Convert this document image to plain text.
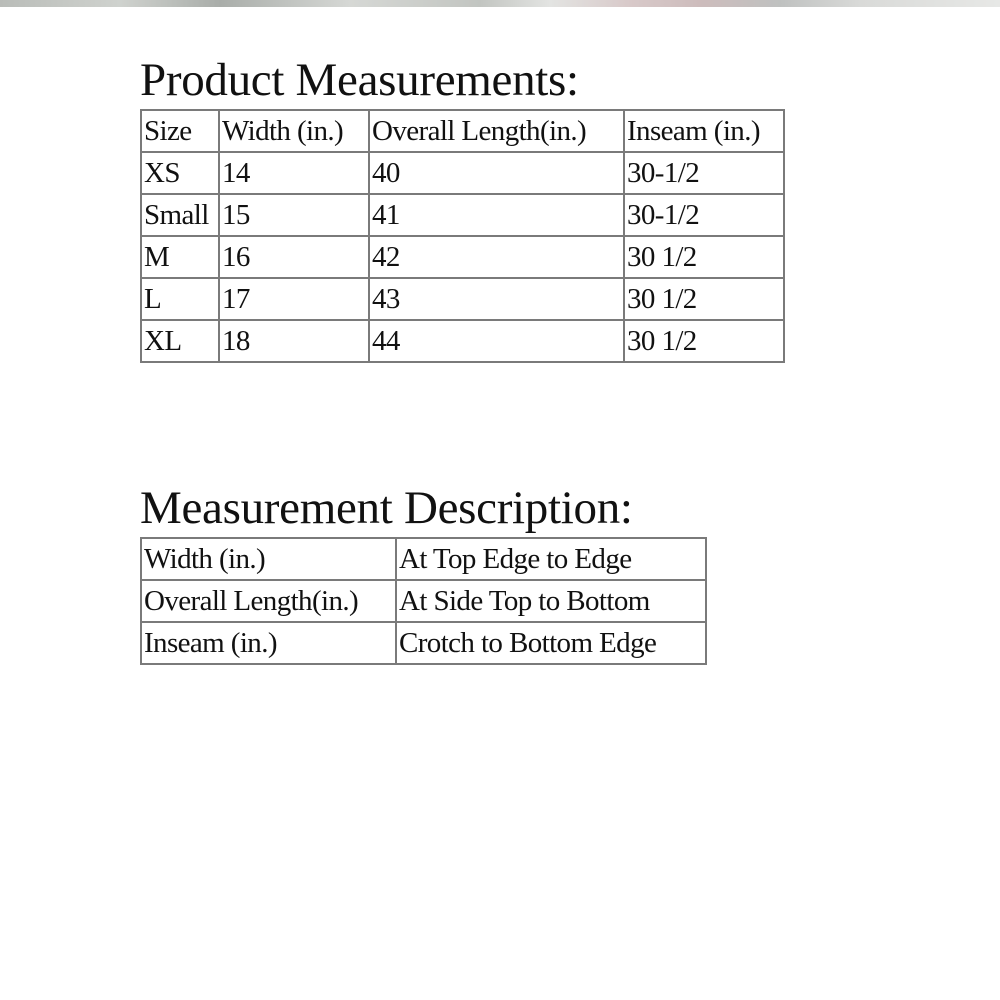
Product Measurements:
Size	Width (in.)	Overall Length(in.)	Inseam (in.)
XS	14	40	30-1/2
Small	15	41	30-1/2
M	16	42	30 1/2
L	17	43	30 1/2
XL	18	44	30 1/2
Measurement Description:
Width (in.)	At Top Edge to Edge
Overall Length(in.)	At Side Top to Bottom
Inseam (in.)	Crotch to Bottom Edge
